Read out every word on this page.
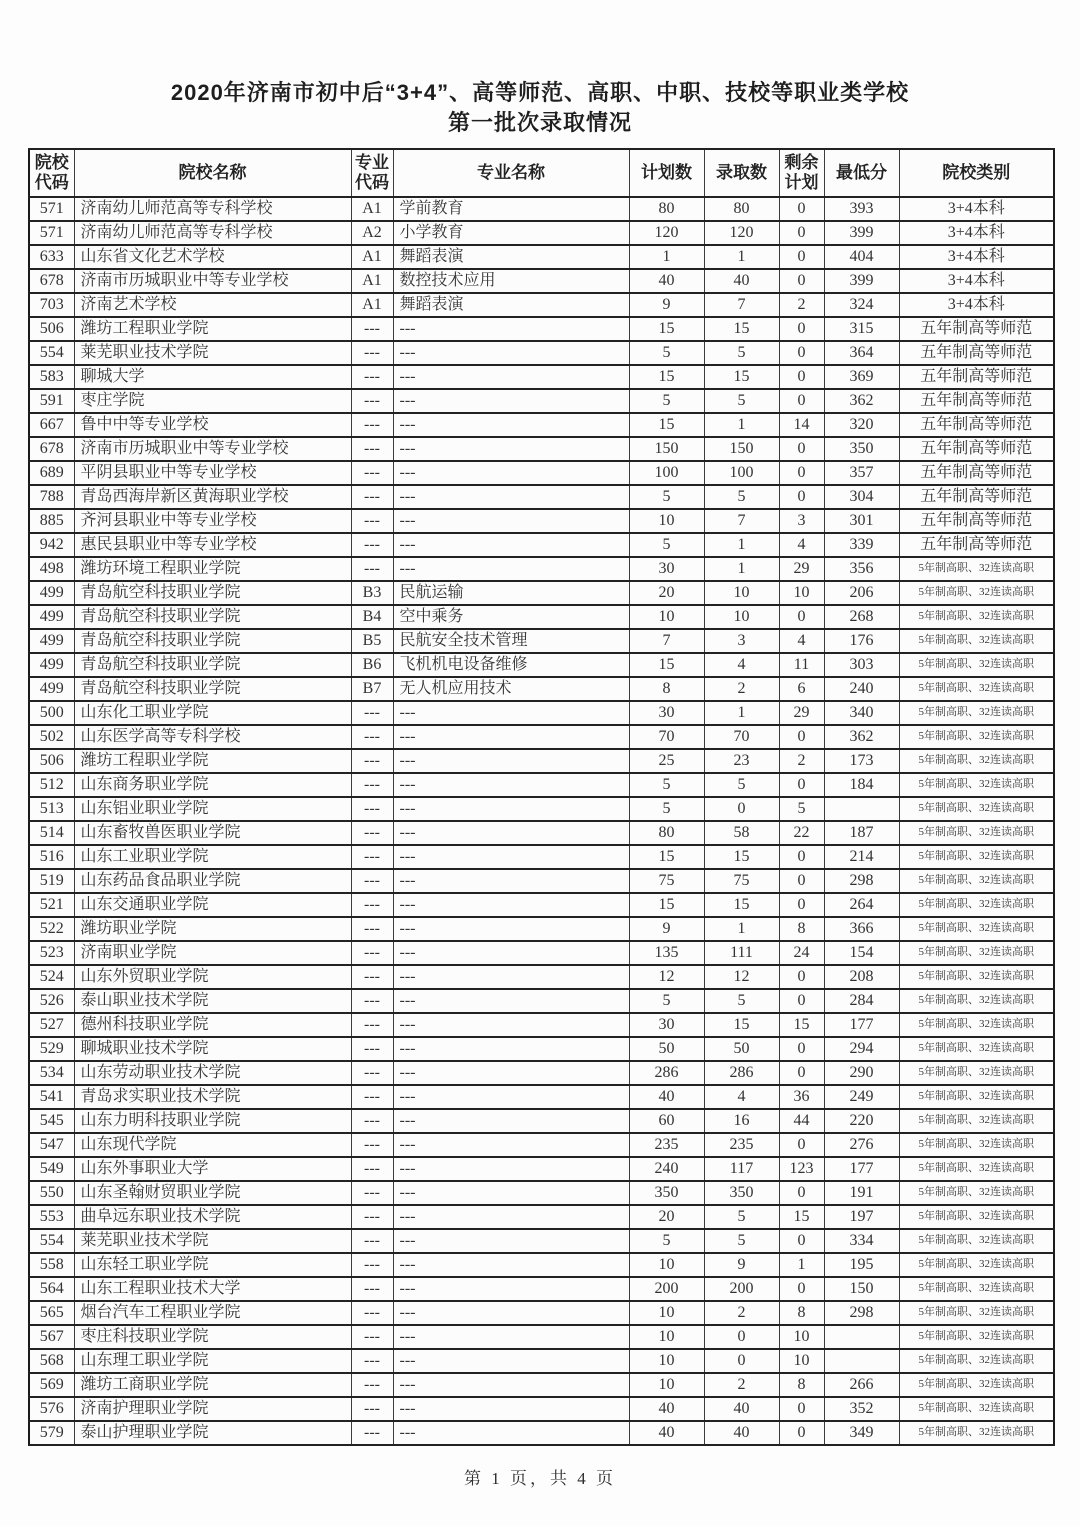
2020年济南市初中后“3+4”、高等师范、高职、中职、技校等职业类学校
第一批次录取情况
院校代码	院校名称	专业代码	专业名称	计划数	录取数	剩余计划	最低分	院校类别
571	济南幼儿师范高等专科学校	A1	学前教育	80	80	0	393	3+4本科
571	济南幼儿师范高等专科学校	A2	小学教育	120	120	0	399	3+4本科
633	山东省文化艺术学校	A1	舞蹈表演	1	1	0	404	3+4本科
678	济南市历城职业中等专业学校	A1	数控技术应用	40	40	0	399	3+4本科
703	济南艺术学校	A1	舞蹈表演	9	7	2	324	3+4本科
506	潍坊工程职业学院	---	---	15	15	0	315	五年制高等师范
554	莱芜职业技术学院	---	---	5	5	0	364	五年制高等师范
583	聊城大学	---	---	15	15	0	369	五年制高等师范
591	枣庄学院	---	---	5	5	0	362	五年制高等师范
667	鲁中中等专业学校	---	---	15	1	14	320	五年制高等师范
678	济南市历城职业中等专业学校	---	---	150	150	0	350	五年制高等师范
689	平阴县职业中等专业学校	---	---	100	100	0	357	五年制高等师范
788	青岛西海岸新区黄海职业学校	---	---	5	5	0	304	五年制高等师范
885	齐河县职业中等专业学校	---	---	10	7	3	301	五年制高等师范
942	惠民县职业中等专业学校	---	---	5	1	4	339	五年制高等师范
498	潍坊环境工程职业学院	---	---	30	1	29	356	5年制高职、32连读高职
499	青岛航空科技职业学院	B3	民航运输	20	10	10	206	5年制高职、32连读高职
499	青岛航空科技职业学院	B4	空中乘务	10	10	0	268	5年制高职、32连读高职
499	青岛航空科技职业学院	B5	民航安全技术管理	7	3	4	176	5年制高职、32连读高职
499	青岛航空科技职业学院	B6	飞机机电设备维修	15	4	11	303	5年制高职、32连读高职
499	青岛航空科技职业学院	B7	无人机应用技术	8	2	6	240	5年制高职、32连读高职
500	山东化工职业学院	---	---	30	1	29	340	5年制高职、32连读高职
502	山东医学高等专科学校	---	---	70	70	0	362	5年制高职、32连读高职
506	潍坊工程职业学院	---	---	25	23	2	173	5年制高职、32连读高职
512	山东商务职业学院	---	---	5	5	0	184	5年制高职、32连读高职
513	山东铝业职业学院	---	---	5	0	5		5年制高职、32连读高职
514	山东畜牧兽医职业学院	---	---	80	58	22	187	5年制高职、32连读高职
516	山东工业职业学院	---	---	15	15	0	214	5年制高职、32连读高职
519	山东药品食品职业学院	---	---	75	75	0	298	5年制高职、32连读高职
521	山东交通职业学院	---	---	15	15	0	264	5年制高职、32连读高职
522	潍坊职业学院	---	---	9	1	8	366	5年制高职、32连读高职
523	济南职业学院	---	---	135	111	24	154	5年制高职、32连读高职
524	山东外贸职业学院	---	---	12	12	0	208	5年制高职、32连读高职
526	泰山职业技术学院	---	---	5	5	0	284	5年制高职、32连读高职
527	德州科技职业学院	---	---	30	15	15	177	5年制高职、32连读高职
529	聊城职业技术学院	---	---	50	50	0	294	5年制高职、32连读高职
534	山东劳动职业技术学院	---	---	286	286	0	290	5年制高职、32连读高职
541	青岛求实职业技术学院	---	---	40	4	36	249	5年制高职、32连读高职
545	山东力明科技职业学院	---	---	60	16	44	220	5年制高职、32连读高职
547	山东现代学院	---	---	235	235	0	276	5年制高职、32连读高职
549	山东外事职业大学	---	---	240	117	123	177	5年制高职、32连读高职
550	山东圣翰财贸职业学院	---	---	350	350	0	191	5年制高职、32连读高职
553	曲阜远东职业技术学院	---	---	20	5	15	197	5年制高职、32连读高职
554	莱芜职业技术学院	---	---	5	5	0	334	5年制高职、32连读高职
558	山东轻工职业学院	---	---	10	9	1	195	5年制高职、32连读高职
564	山东工程职业技术大学	---	---	200	200	0	150	5年制高职、32连读高职
565	烟台汽车工程职业学院	---	---	10	2	8	298	5年制高职、32连读高职
567	枣庄科技职业学院	---	---	10	0	10		5年制高职、32连读高职
568	山东理工职业学院	---	---	10	0	10		5年制高职、32连读高职
569	潍坊工商职业学院	---	---	10	2	8	266	5年制高职、32连读高职
576	济南护理职业学院	---	---	40	40	0	352	5年制高职、32连读高职
579	泰山护理职业学院	---	---	40	40	0	349	5年制高职、32连读高职
第 1 页，共 4 页
